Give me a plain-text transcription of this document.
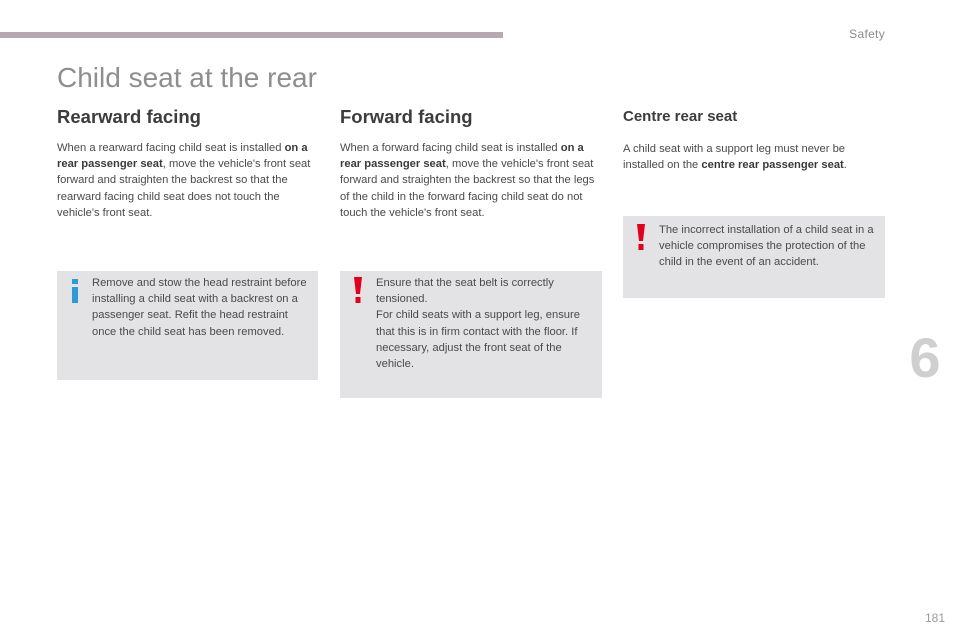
Safety
Child seat at the rear
Rearward facing

When a rearward facing child seat is installed on a rear passenger seat, move the vehicle's front seat forward and straighten the backrest so that the rearward facing child seat does not touch the vehicle's front seat.

Forward facing

When a forward facing child seat is installed on a rear passenger seat, move the vehicle's front seat forward and straighten the backrest so that the legs of the child in the forward facing child seat do not touch the vehicle's front seat.

Centre rear seat

A child seat with a support leg must never be installed on the centre rear passenger seat.

Remove and stow the head restraint before installing a child seat with a backrest on a passenger seat. Refit the head restraint once the child seat has been removed.

Ensure that the seat belt is correctly tensioned.
For child seats with a support leg, ensure that this is in firm contact with the floor. If necessary, adjust the front seat of the vehicle.

The incorrect installation of a child seat in a vehicle compromises the protection of the child in the event of an accident.

6
181
